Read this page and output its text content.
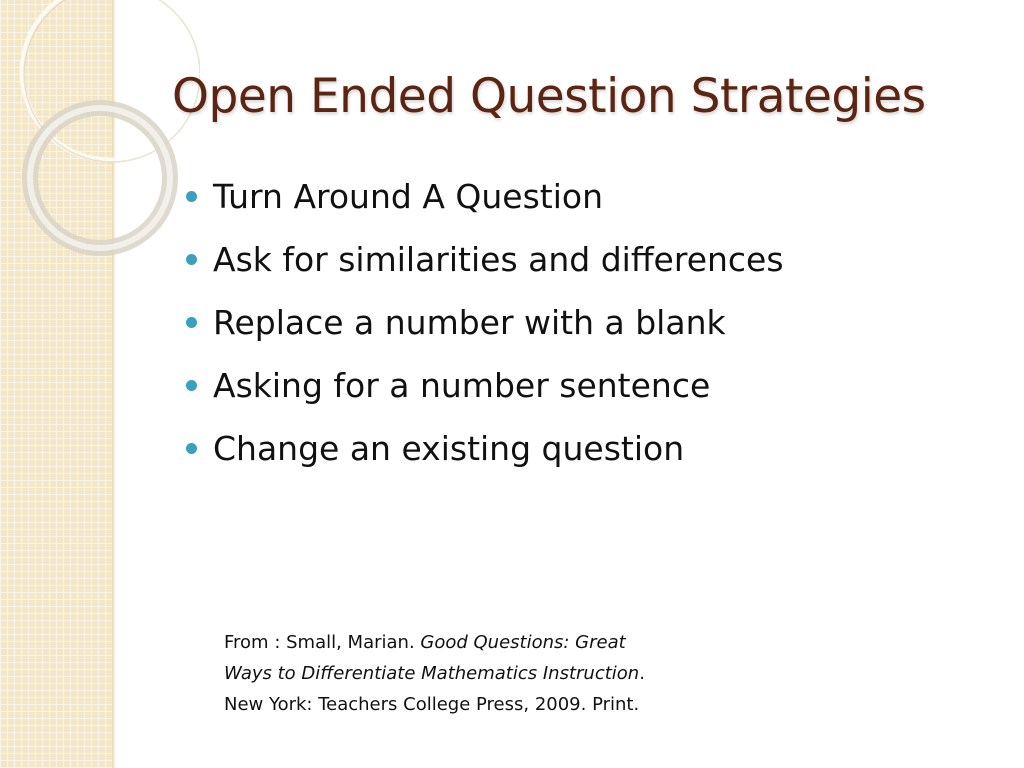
Open Ended Question Strategies
Turn Around A Question
Ask for similarities and differences
Replace a number with a blank
Asking for a number sentence
Change an existing question
From : Small, Marian. Good Questions: Great
Ways to Differentiate Mathematics Instruction.
New York: Teachers College Press, 2009. Print.
